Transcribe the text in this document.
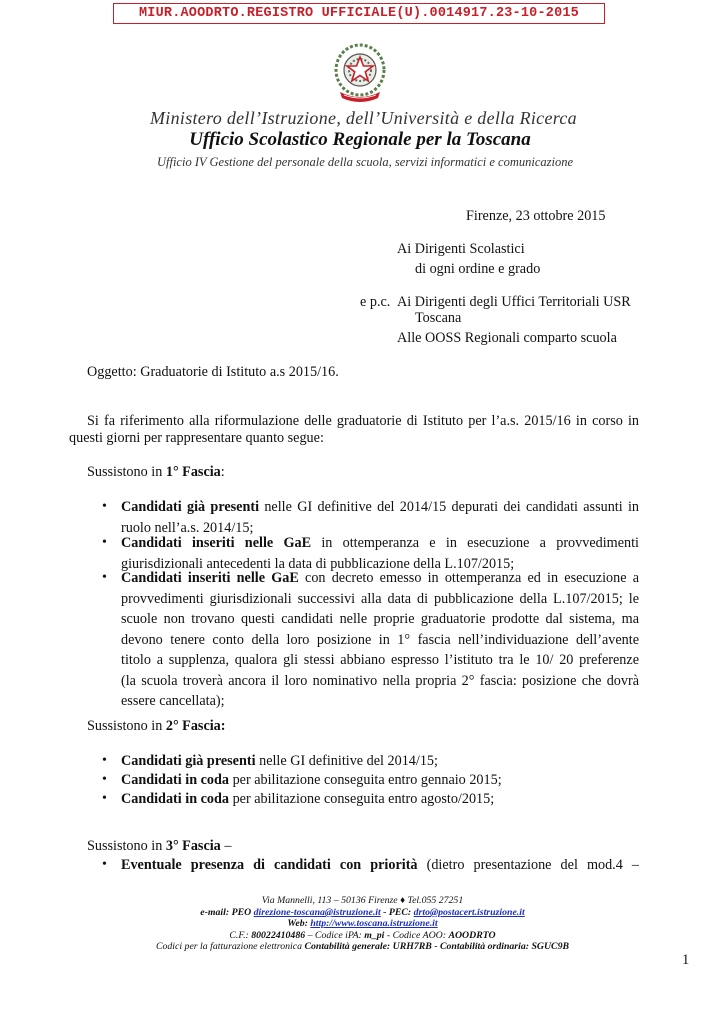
MIUR.AOODRTO.REGISTRO UFFICIALE(U).0014917.23-10-2015
Ministero dell’Istruzione, dell’Università e della Ricerca
Ufficio Scolastico Regionale per la Toscana
Ufficio IV Gestione del personale della scuola, servizi informatici e comunicazione
Firenze, 23 ottobre 2015
Ai Dirigenti Scolastici
di ogni ordine e grado
e p.c. Ai Dirigenti degli Uffici Territoriali USR
Toscana
Alle OOSS Regionali comparto scuola
Oggetto: Graduatorie di Istituto a.s 2015/16.
Si fa riferimento alla riformulazione delle graduatorie di Istituto per l’a.s. 2015/16 in corso in
questi giorni per rappresentare quanto segue:
Sussistono in 1° Fascia:
• Candidati già presenti nelle GI definitive del 2014/15 depurati dei candidati assunti in
ruolo nell’a.s. 2014/15;
• Candidati inseriti nelle GaE in ottemperanza e in esecuzione a provvedimenti
giurisdizionali antecedenti la data di pubblicazione della L.107/2015;
• Candidati inseriti nelle GaE con decreto emesso in ottemperanza ed in esecuzione a
provvedimenti giurisdizionali successivi alla data di pubblicazione della L.107/2015; le
scuole non trovano questi candidati nelle proprie graduatorie prodotte dal sistema, ma
devono tenere conto della loro posizione in 1° fascia nell’individuazione dell’avente
titolo a supplenza, qualora gli stessi abbiano espresso l’istituto tra le 10/ 20 preferenze
(la scuola troverà ancora il loro nominativo nella propria 2° fascia: posizione che dovrà
essere cancellata);
Sussistono in 2° Fascia:
• Candidati già presenti nelle GI definitive del 2014/15;
• Candidati in coda per abilitazione conseguita entro gennaio 2015;
• Candidati in coda per abilitazione conseguita entro agosto/2015;
Sussistono in 3° Fascia –
• Eventuale presenza di candidati con priorità (dietro presentazione del mod.4 –
Via Mannelli, 113 – 50136 Firenze ♦ Tel.055 27251
e-mail: PEO direzione-toscana@istruzione.it - PEC: drto@postacert.istruzione.it
Web: http://www.toscana.istruzione.it
C.F.: 80022410486 – Codice iPA: m_pi - Codice AOO: AOODRTO
Codici per la fatturazione elettronica Contabilità generale: URH7RB - Contabilità ordinaria: SGUC9B
1
